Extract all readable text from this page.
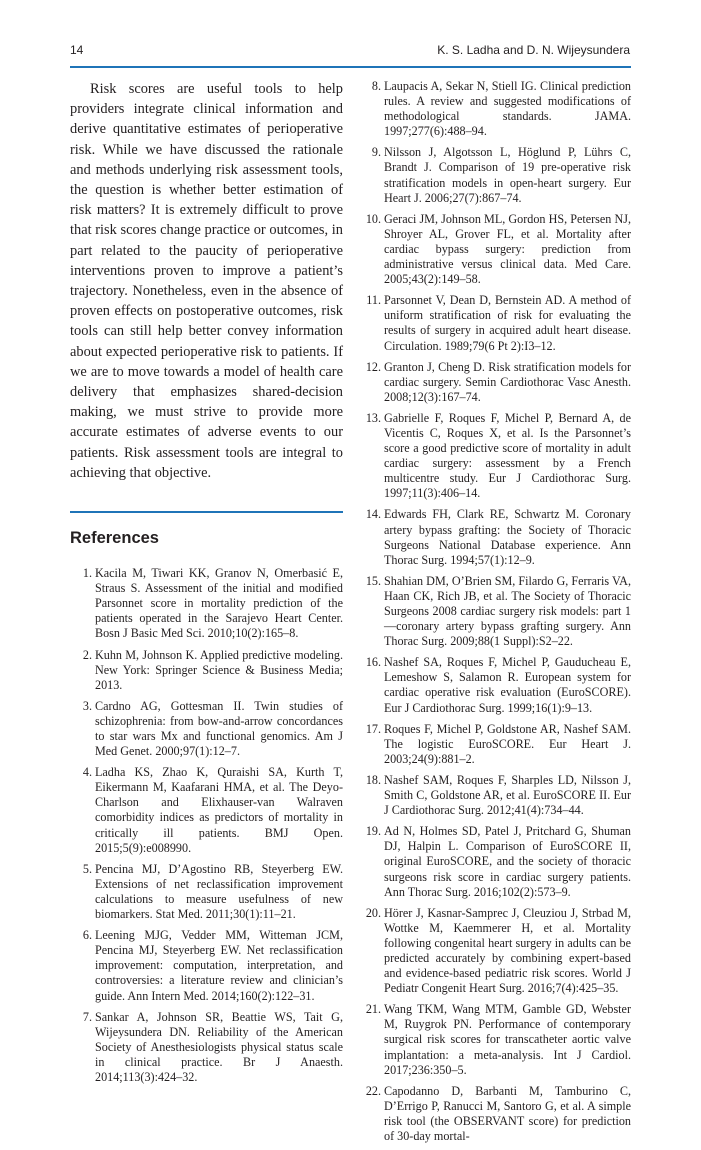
14	K. S. Ladha and D. N. Wijeysundera

Risk scores are useful tools to help providers integrate clinical information and derive quantitative estimates of perioperative risk. While we have discussed the rationale and methods underlying risk assessment tools, the question is whether better estimation of risk matters? It is extremely difficult to prove that risk scores change practice or outcomes, in part related to the paucity of perioperative interventions proven to improve a patient’s trajectory. Nonetheless, even in the absence of proven effects on postoperative outcomes, risk tools can still help better convey information about expected perioperative risk to patients. If we are to move towards a model of health care delivery that emphasizes shared-decision making, we must strive to provide more accurate estimates of adverse events to our patients. Risk assessment tools are integral to achieving that objective.

References
1. Kacila M, Tiwari KK, Granov N, Omerbasić E, Straus S. Assessment of the initial and modified Parsonnet score in mortality prediction of the patients operated in the Sarajevo Heart Center. Bosn J Basic Med Sci. 2010;10(2):165–8.
2. Kuhn M, Johnson K. Applied predictive modeling. New York: Springer Science & Business Media; 2013.
3. Cardno AG, Gottesman II. Twin studies of schizophrenia: from bow-and-arrow concordances to star wars Mx and functional genomics. Am J Med Genet. 2000;97(1):12–7.
4. Ladha KS, Zhao K, Quraishi SA, Kurth T, Eikermann M, Kaafarani HMA, et al. The Deyo-Charlson and Elixhauser-van Walraven comorbidity indices as predictors of mortality in critically ill patients. BMJ Open. 2015;5(9):e008990.
5. Pencina MJ, D’Agostino RB, Steyerberg EW. Extensions of net reclassification improvement calculations to measure usefulness of new biomarkers. Stat Med. 2011;30(1):11–21.
6. Leening MJG, Vedder MM, Witteman JCM, Pencina MJ, Steyerberg EW. Net reclassification improvement: computation, interpretation, and controversies: a literature review and clinician’s guide. Ann Intern Med. 2014;160(2):122–31.
7. Sankar A, Johnson SR, Beattie WS, Tait G, Wijeysundera DN. Reliability of the American Society of Anesthesiologists physical status scale in clinical practice. Br J Anaesth. 2014;113(3):424–32.
8. Laupacis A, Sekar N, Stiell IG. Clinical prediction rules. A review and suggested modifications of methodological standards. JAMA. 1997;277(6):488–94.
9. Nilsson J, Algotsson L, Höglund P, Lührs C, Brandt J. Comparison of 19 pre-operative risk stratification models in open-heart surgery. Eur Heart J. 2006;27(7):867–74.
10. Geraci JM, Johnson ML, Gordon HS, Petersen NJ, Shroyer AL, Grover FL, et al. Mortality after cardiac bypass surgery: prediction from administrative versus clinical data. Med Care. 2005;43(2):149–58.
11. Parsonnet V, Dean D, Bernstein AD. A method of uniform stratification of risk for evaluating the results of surgery in acquired adult heart disease. Circulation. 1989;79(6 Pt 2):I3–12.
12. Granton J, Cheng D. Risk stratification models for cardiac surgery. Semin Cardiothorac Vasc Anesth. 2008;12(3):167–74.
13. Gabrielle F, Roques F, Michel P, Bernard A, de Vicentis C, Roques X, et al. Is the Parsonnet’s score a good predictive score of mortality in adult cardiac surgery: assessment by a French multicentre study. Eur J Cardiothorac Surg. 1997;11(3):406–14.
14. Edwards FH, Clark RE, Schwartz M. Coronary artery bypass grafting: the Society of Thoracic Surgeons National Database experience. Ann Thorac Surg. 1994;57(1):12–9.
15. Shahian DM, O’Brien SM, Filardo G, Ferraris VA, Haan CK, Rich JB, et al. The Society of Thoracic Surgeons 2008 cardiac surgery risk models: part 1—coronary artery bypass grafting surgery. Ann Thorac Surg. 2009;88(1 Suppl):S2–22.
16. Nashef SA, Roques F, Michel P, Gauducheau E, Lemeshow S, Salamon R. European system for cardiac operative risk evaluation (EuroSCORE). Eur J Cardiothorac Surg. 1999;16(1):9–13.
17. Roques F, Michel P, Goldstone AR, Nashef SAM. The logistic EuroSCORE. Eur Heart J. 2003;24(9):881–2.
18. Nashef SAM, Roques F, Sharples LD, Nilsson J, Smith C, Goldstone AR, et al. EuroSCORE II. Eur J Cardiothorac Surg. 2012;41(4):734–44.
19. Ad N, Holmes SD, Patel J, Pritchard G, Shuman DJ, Halpin L. Comparison of EuroSCORE II, original EuroSCORE, and the society of thoracic surgeons risk score in cardiac surgery patients. Ann Thorac Surg. 2016;102(2):573–9.
20. Hörer J, Kasnar-Samprec J, Cleuziou J, Strbad M, Wottke M, Kaemmerer H, et al. Mortality following congenital heart surgery in adults can be predicted accurately by combining expert-based and evidence-based pediatric risk scores. World J Pediatr Congenit Heart Surg. 2016;7(4):425–35.
21. Wang TKM, Wang MTM, Gamble GD, Webster M, Ruygrok PN. Performance of contemporary surgical risk scores for transcatheter aortic valve implantation: a meta-analysis. Int J Cardiol. 2017;236:350–5.
22. Capodanno D, Barbanti M, Tamburino C, D’Errigo P, Ranucci M, Santoro G, et al. A simple risk tool (the OBSERVANT score) for prediction of 30-day mortal-
